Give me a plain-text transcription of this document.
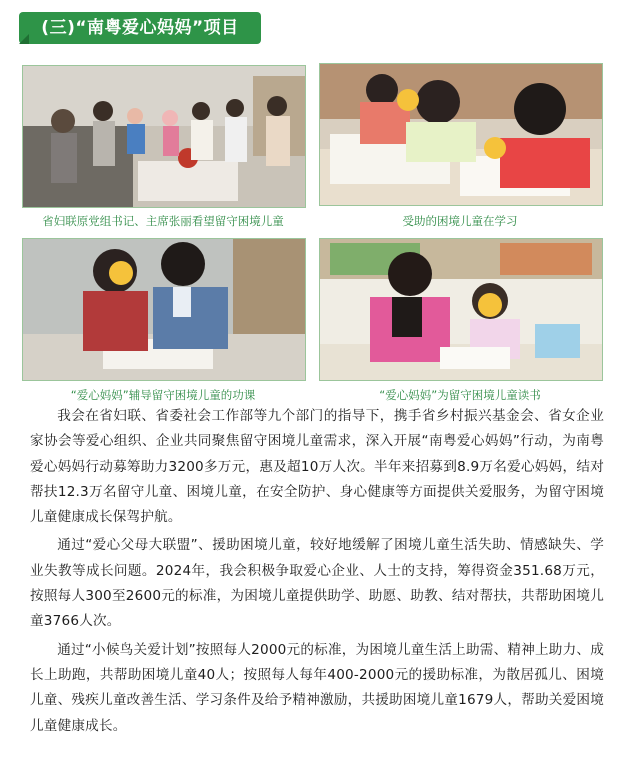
(三)“南粤爱心妈妈”项目
省妇联原党组书记、主席张丽看望留守困境儿童	受助的困境儿童在学习
“爱心妈妈”辅导留守困境儿童的功课	“爱心妈妈”为留守困境儿童读书

我会在省妇联、省委社会工作部等九个部门的指导下，携手省乡村振兴基金会、省女企业家协会等爱心组织、企业共同聚焦留守困境儿童需求，深入开展“南粤爱心妈妈”行动，为南粤爱心妈妈行动募筹助力3200多万元，惠及超10万人次。半年来招募到8.9万名爱心妈妈，结对帮扶12.3万名留守儿童、困境儿童，在安全防护、身心健康等方面提供关爱服务，为留守困境儿童健康成长保驾护航。

通过“爱心父母大联盟”、援助困境儿童，较好地缓解了困境儿童生活失助、情感缺失、学业失教等成长问题。2024年，我会积极争取爱心企业、人士的支持，筹得资金351.68万元，按照每人300至2600元的标准，为困境儿童提供助学、助愿、助教、结对帮扶，共帮助困境儿童3766人次。

通过“小候鸟关爱计划”按照每人2000元的标准，为困境儿童生活上助需、精神上助力、成长上助跑，共帮助困境儿童40人；按照每人每年400-2000元的援助标准，为散居孤儿、困境儿童、残疾儿童改善生活、学习条件及给予精神激励，共援助困境儿童1679人，帮助关爱困境儿童健康成长。
